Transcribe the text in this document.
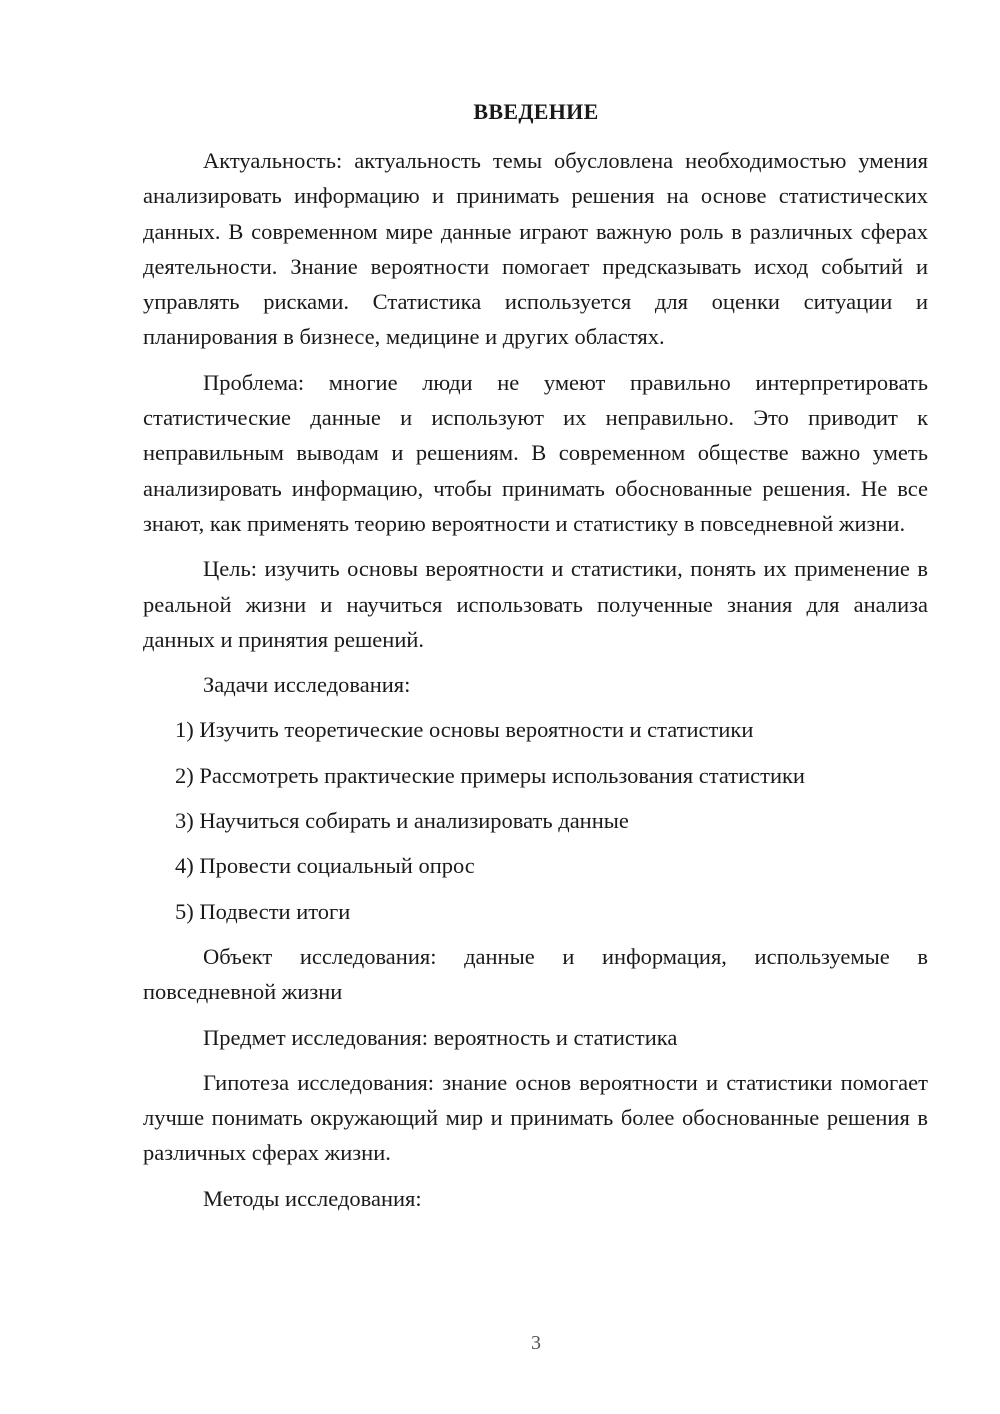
ВВЕДЕНИЕ

Актуальность: актуальность темы обусловлена необходимостью умения анализировать информацию и принимать решения на основе статистических данных. В современном мире данные играют важную роль в различных сферах деятельности. Знание вероятности помогает предсказывать исход событий и управлять рисками. Статистика используется для оценки ситуации и планирования в бизнесе, медицине и других областях.

Проблема: многие люди не умеют правильно интерпретировать статистические данные и используют их неправильно. Это приводит к неправильным выводам и решениям. В современном обществе важно уметь анализировать информацию, чтобы принимать обоснованные решения. Не все знают, как применять теорию вероятности и статистику в повседневной жизни.

Цель: изучить основы вероятности и статистики, понять их применение в реальной жизни и научиться использовать полученные знания для анализа данных и принятия решений.

Задачи исследования:

1) Изучить теоретические основы вероятности и статистики

2) Рассмотреть практические примеры использования статистики

3) Научиться собирать и анализировать данные

4) Провести социальный опрос

5) Подвести итоги

Объект исследования: данные и информация, используемые в повседневной жизни

Предмет исследования: вероятность и статистика

Гипотеза исследования: знание основ вероятности и статистики помогает лучше понимать окружающий мир и принимать более обоснованные решения в различных сферах жизни.

Методы исследования:

3
